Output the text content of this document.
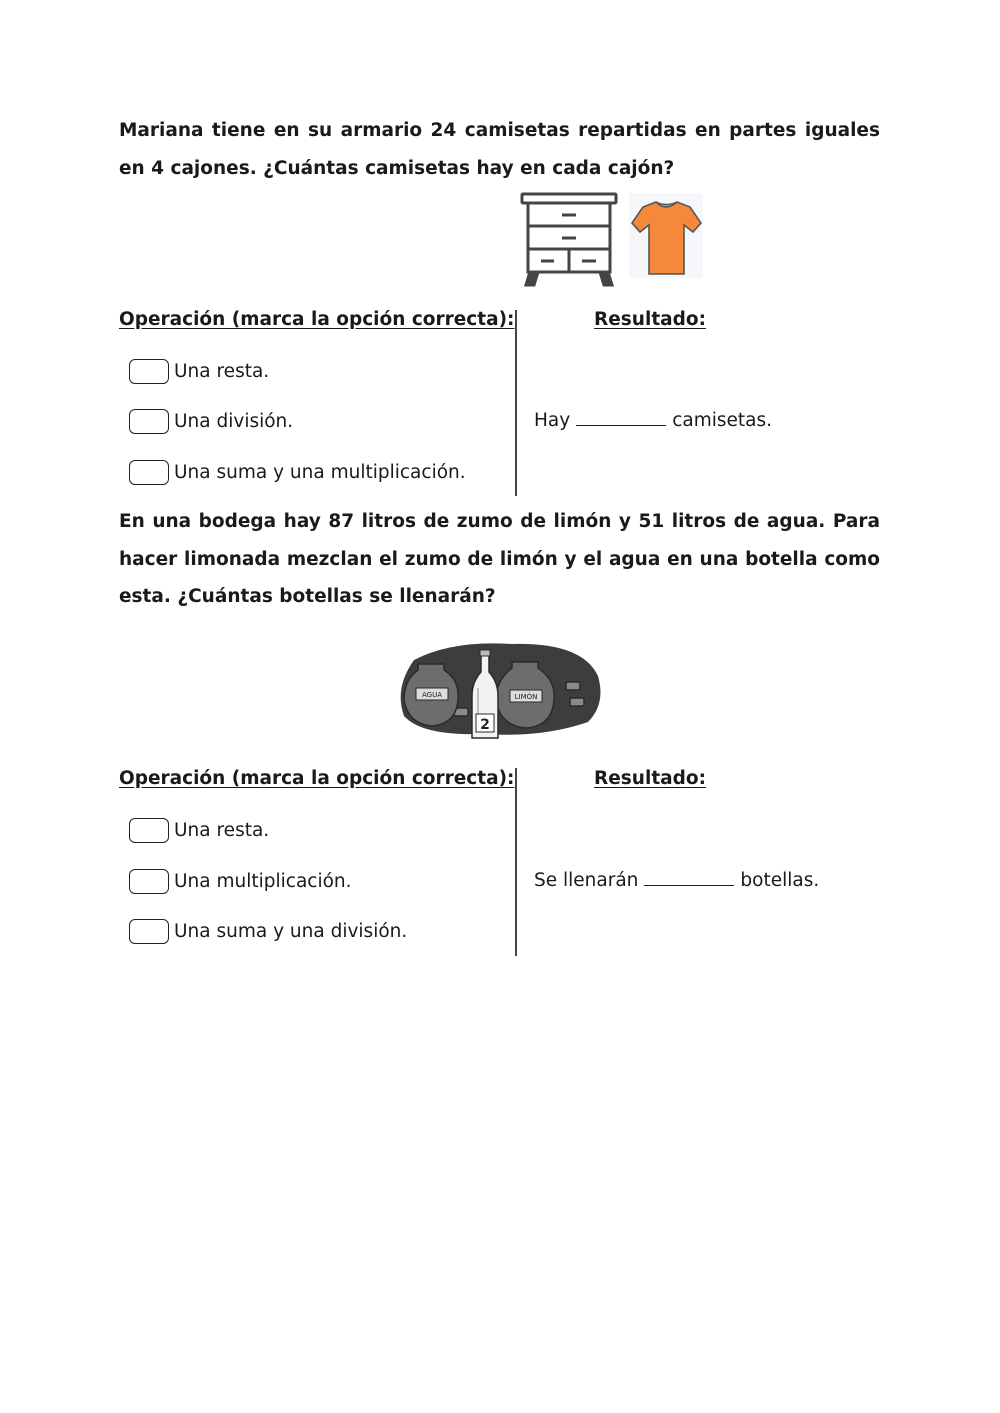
Mariana tiene en su armario 24 camisetas repartidas en partes iguales en 4 cajones. ¿Cuántas camisetas hay en cada cajón?
Operación (marca la opción correcta):	Resultado:
Una resta.
Una división.
Una suma y una multiplicación.
Hay	camisetas.
En una bodega hay 87 litros de zumo de limón y 51 litros de agua. Para hacer limonada mezclan el zumo de limón y el agua en una botella como esta. ¿Cuántas botellas se llenarán?
AGUA	LIMÓN
2
Operación (marca la opción correcta):	Resultado:
Una resta.
Una multiplicación.
Una suma y una división.
Se llenarán	botellas.
